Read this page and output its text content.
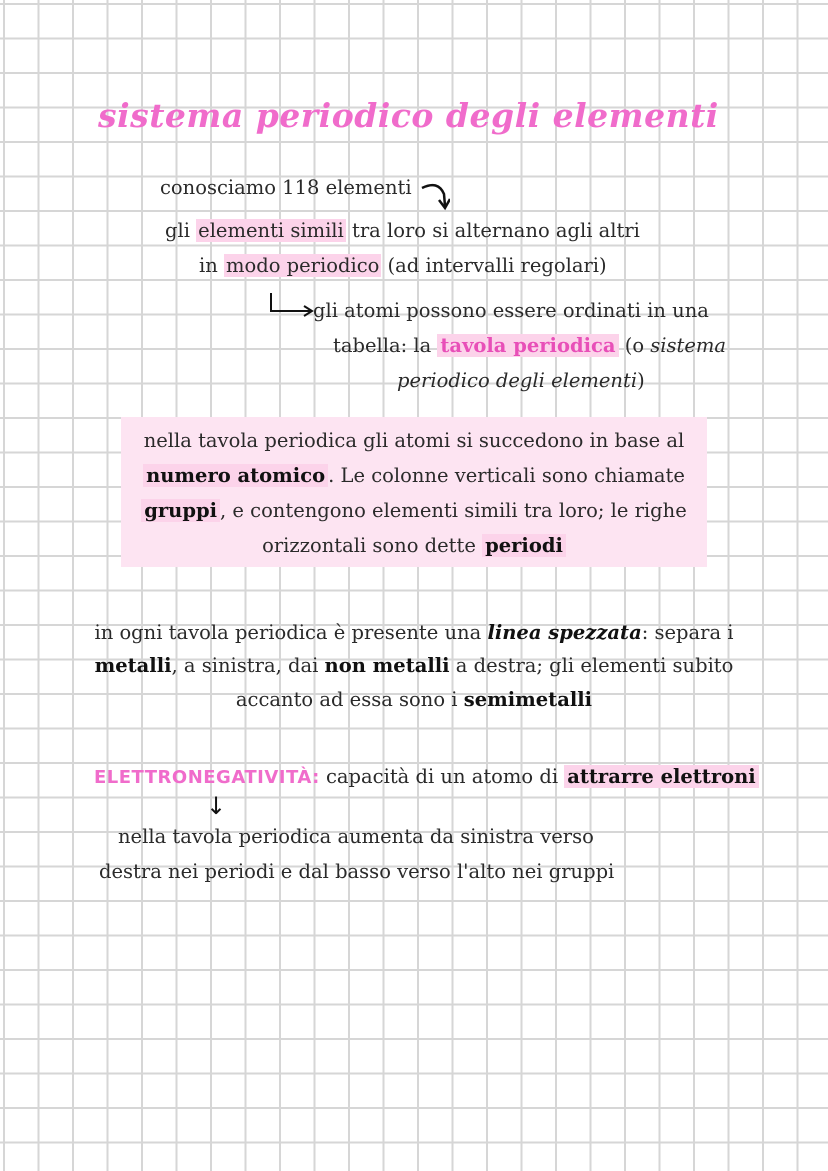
sistema periodico degli elementi
conosciamo 118 elementi
gli elementi simili tra loro si alternano agli altri
in modo periodico (ad intervalli regolari)
gli atomi possono essere ordinati in una
tabella: la tavola periodica (o sistema
periodico degli elementi)
nella tavola periodica gli atomi si succedono in base al
numero atomico . Le colonne verticali sono chiamate
gruppi , e contengono elementi simili tra loro; le righe
orizzontali sono dette periodi
in ogni tavola periodica è presente una linea spezzata: separa i
metalli, a sinistra, dai non metalli a destra; gli elementi subito
accanto ad essa sono i semimetalli
ELETTRONEGATIVITÀ: capacità di un atomo di attrarre elettroni
↓
nella tavola periodica aumenta da sinistra verso
destra nei periodi e dal basso verso l'alto nei gruppi
